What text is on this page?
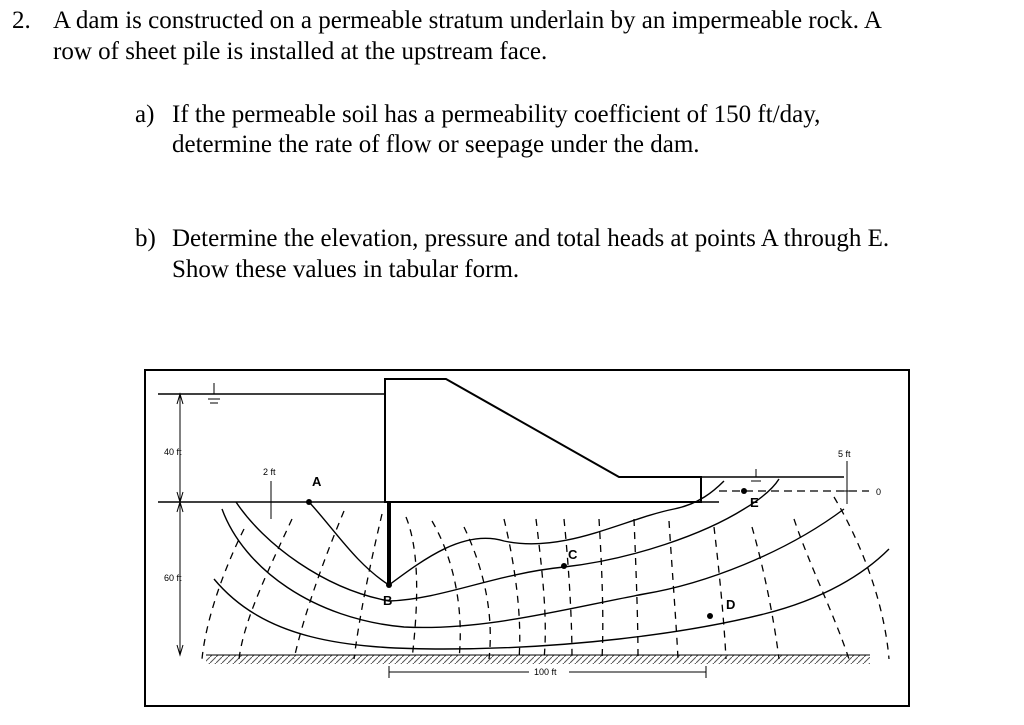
2. A dam is constructed on a permeable stratum underlain by an impermeable rock. A
row of sheet pile is installed at the upstream face.
a) If the permeable soil has a permeability coefficient of 150 ft/day,
determine the rate of flow or seepage under the dam.
b) Determine the elevation, pressure and total heads at points A through E.
Show these values in tabular form.
40 ft
60 ft
2 ft
5 ft
0
100 ft
A
B
C
D
E
